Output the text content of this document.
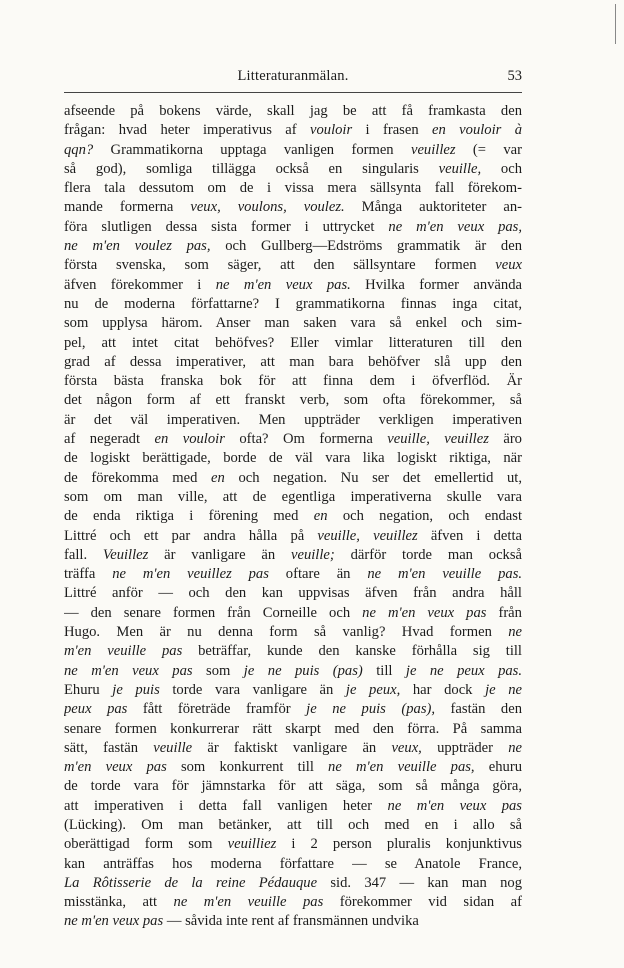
Litteraturanmälan.	53
afseende på bokens värde, skall jag be att få framkasta den
frågan: hvad heter imperativus af vouloir i frasen en vouloir à
qqn? Grammatikorna upptaga vanligen formen veuillez (= var
så god), somliga tillägga också en singularis veuille, och
flera tala dessutom om de i vissa mera sällsynta fall förekom-
mande formerna veux, voulons, voulez. Många auktoriteter an-
föra slutligen dessa sista former i uttrycket ne m'en veux pas,
ne m'en voulez pas, och Gullberg—Edströms grammatik är den
första svenska, som säger, att den sällsyntare formen veux
äfven förekommer i ne m'en veux pas. Hvilka former använda
nu de moderna författarne? I grammatikorna finnas inga citat,
som upplysa härom. Anser man saken vara så enkel och sim-
pel, att intet citat behöfves? Eller vimlar litteraturen till den
grad af dessa imperativer, att man bara behöfver slå upp den
första bästa franska bok för att finna dem i öfverflöd. Är
det någon form af ett franskt verb, som ofta förekommer, så
är det väl imperativen. Men uppträder verkligen imperativen
af negeradt en vouloir ofta? Om formerna veuille, veuillez äro
de logiskt berättigade, borde de väl vara lika logiskt riktiga, när
de förekomma med en och negation. Nu ser det emellertid ut,
som om man ville, att de egentliga imperativerna skulle vara
de enda riktiga i förening med en och negation, och endast
Littré och ett par andra hålla på veuille, veuillez äfven i detta
fall. Veuillez är vanligare än veuille; därför torde man också
träffa ne m'en veuillez pas oftare än ne m'en veuille pas.
Littré anför — och den kan uppvisas äfven från andra håll
— den senare formen från Corneille och ne m'en veux pas från
Hugo. Men är nu denna form så vanlig? Hvad formen ne
m'en veuille pas beträffar, kunde den kanske förhålla sig till
ne m'en veux pas som je ne puis (pas) till je ne peux pas.
Ehuru je puis torde vara vanligare än je peux, har dock je ne
peux pas fått företräde framför je ne puis (pas), fastän den
senare formen konkurrerar rätt skarpt med den förra. På samma
sätt, fastän veuille är faktiskt vanligare än veux, uppträder ne
m'en veux pas som konkurrent till ne m'en veuille pas, ehuru
de torde vara för jämnstarka för att säga, som så många göra,
att imperativen i detta fall vanligen heter ne m'en veux pas
(Lücking). Om man betänker, att till och med en i allo så
oberättigad form som veuilliez i 2 person pluralis konjunktivus
kan anträffas hos moderna författare — se Anatole France,
La Rôtisserie de la reine Pédauque sid. 347 — kan man nog
misstänka, att ne m'en veuille pas förekommer vid sidan af
ne m'en veux pas — såvida inte rent af fransmännen undvika
